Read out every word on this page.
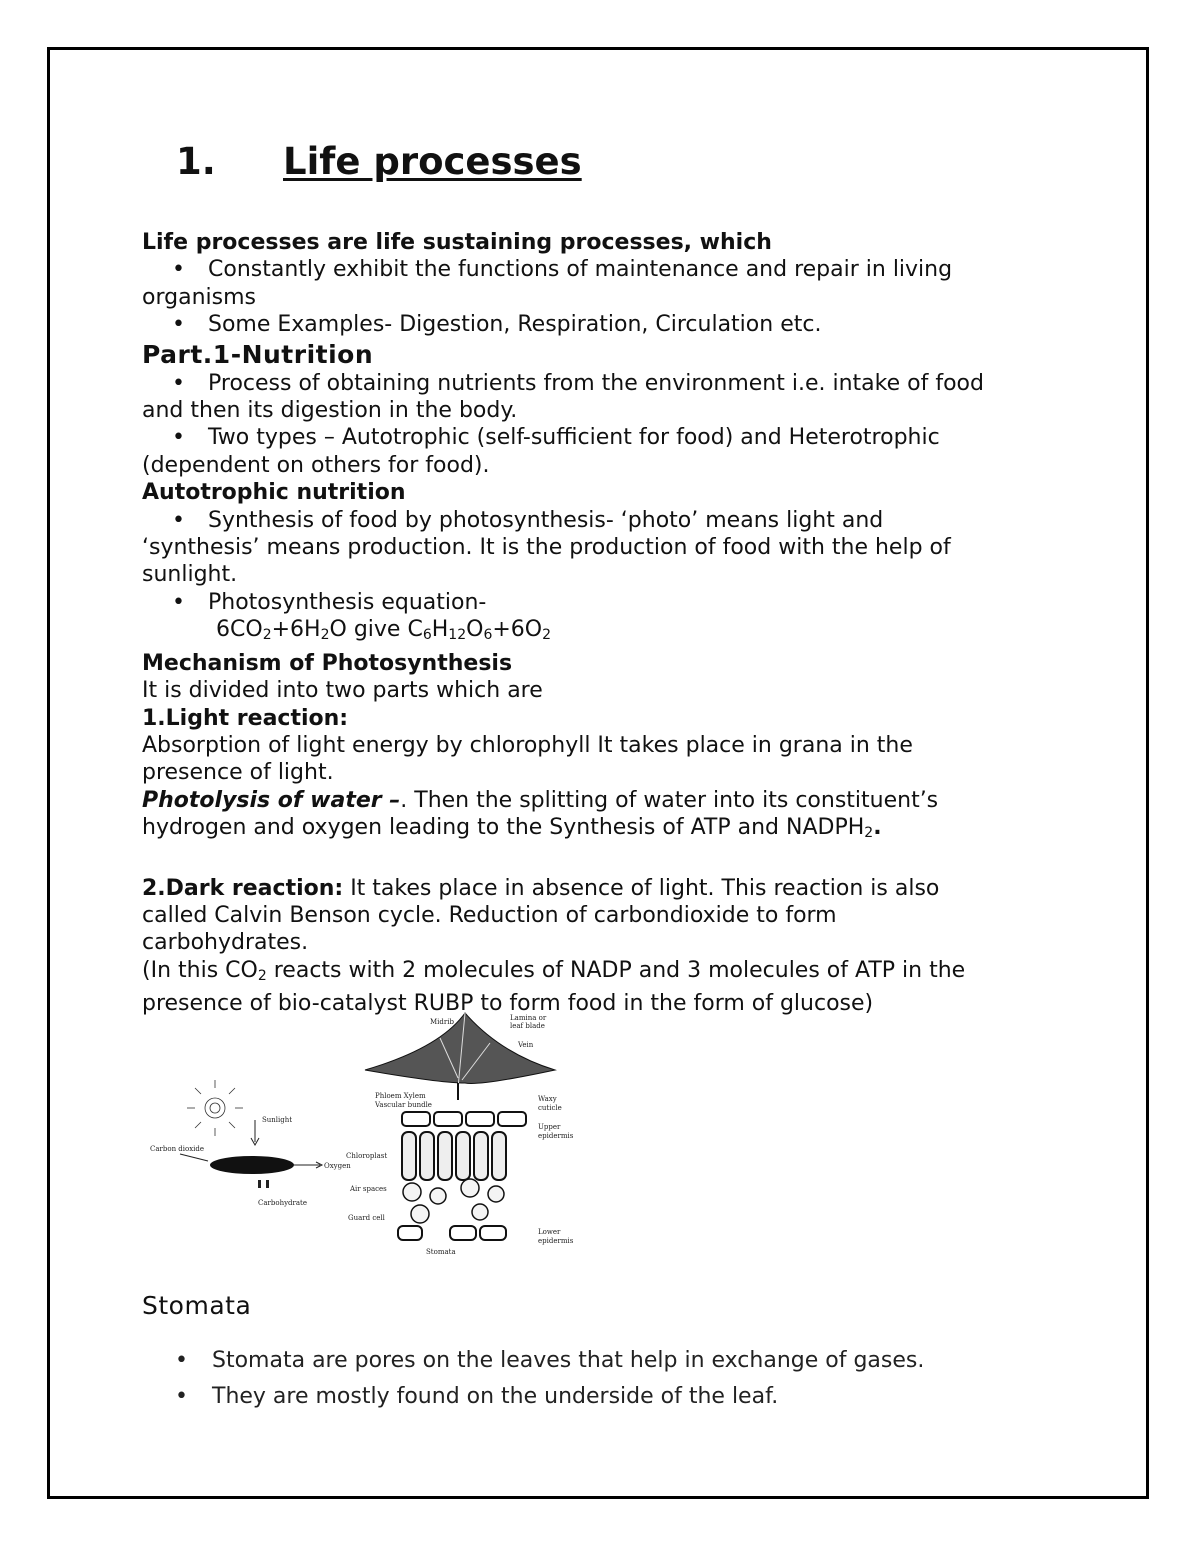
1. Life processes

Life processes are life sustaining processes, which

• Constantly exhibit the functions of maintenance and repair in living

organisms

• Some Examples- Digestion, Respiration, Circulation etc.

Part.1-Nutrition

• Process of obtaining nutrients from the environment i.e. intake of food

and then its digestion in the body.

• Two types – Autotrophic (self-sufficient for food) and Heterotrophic

(dependent on others for food).

Autotrophic nutrition

• Synthesis of food by photosynthesis- ‘photo’ means light and

‘synthesis’ means production. It is the production of food with the help of

sunlight.

• Photosynthesis equation-

$6CO_2+6H_2O$ give $C_6H_{12}O_6+6O_2$

Mechanism of Photosynthesis

It is divided into two parts which are

1.Light reaction:

Absorption of light energy by chlorophyll It takes place in grana in the

presence of light.

Photolysis of water –. Then the splitting of water into its constituent’s

hydrogen and oxygen leading to the Synthesis of ATP and $NADPH_2$.

2.Dark reaction: It takes place in absence of light. This reaction is also

called Calvin Benson cycle. Reduction of carbondioxide to form

carbohydrates.

(In this $CO_2$ reacts with 2 molecules of NADP and 3 molecules of ATP in the

presence of bio-catalyst RUBP to form food in the form of glucose)

Sunlight
Carbon dioxide
Oxygen
Carbohydrate
Midrib	Lamina or
leaf blade
Vein
Phloem Xylem
Vascular bundle
Waxy
cuticle
Upper
epidermis
Chloroplast
Air spaces
Guard cell
Lower
epidermis
Stomata
Stomata
• Stomata are pores on the leaves that help in exchange of gases.
• They are mostly found on the underside of the leaf.
